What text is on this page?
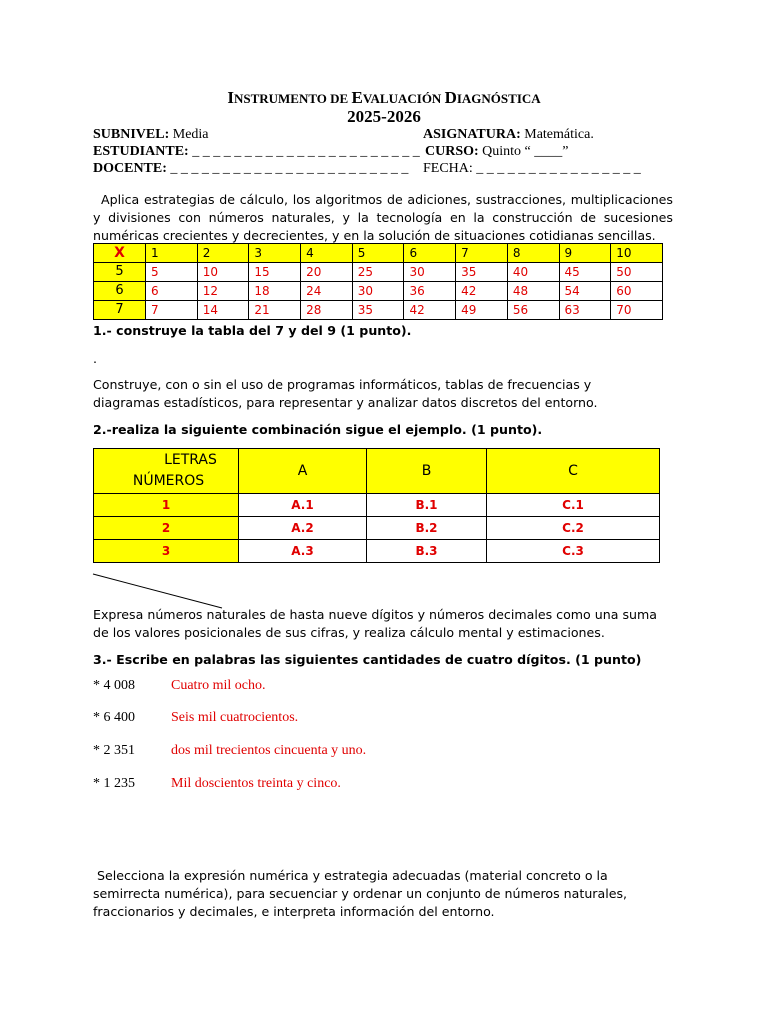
INSTRUMENTO DE EVALUACIÓN DIAGNÓSTICA
2025-2026
SUBNIVEL: Media	ASIGNATURA: Matemática.
ESTUDIANTE: _ _ _ _ _ _ _ _ _ _ _ _ _ _ _ _ _ _ _ _ _ _ CURSO: Quinto “ ____”
DOCENTE: _ _ _ _ _ _ _ _ _ _ _ _ _ _ _ _ _ _ _ _ _ _ _ FECHA: _ _ _ _ _ _ _ _ _ _ _ _ _ _ _ _
Aplica estrategias de cálculo, los algoritmos de adiciones, sustracciones, multiplicaciones y divisiones con números naturales, y la tecnología en la construcción de sucesiones numéricas crecientes y decrecientes, y en la solución de situaciones cotidianas sencillas.
X	1	2	3	4	5	6	7	8	9	10
5	5	10	15	20	25	30	35	40	45	50
6	6	12	18	24	30	36	42	48	54	60
7	7	14	21	28	35	42	49	56	63	70
1.- construye la tabla del 7 y del 9 (1 punto).
.
Construye, con o sin el uso de programas informáticos, tablas de frecuencias y diagramas estadísticos, para representar y analizar datos discretos del entorno.
2.-realiza la siguiente combinación sigue el ejemplo. (1 punto).
LETRAS
NÚMEROS	A	B	C
1	A.1	B.1	C.1
2	A.2	B.2	C.2
3	A.3	B.3	C.3
Expresa números naturales de hasta nueve dígitos y números decimales como una suma de los valores posicionales de sus cifras, y realiza cálculo mental y estimaciones.
3.- Escribe en palabras las siguientes cantidades de cuatro dígitos. (1 punto)
* 4 008	Cuatro mil ocho.
* 6 400	Seis mil cuatrocientos.
* 2 351	dos mil trecientos cincuenta y uno.
* 1 235	Mil doscientos treinta y cinco.
Selecciona la expresión numérica y estrategia adecuadas (material concreto o la semirrecta numérica), para secuenciar y ordenar un conjunto de números naturales, fraccionarios y decimales, e interpreta información del entorno.
